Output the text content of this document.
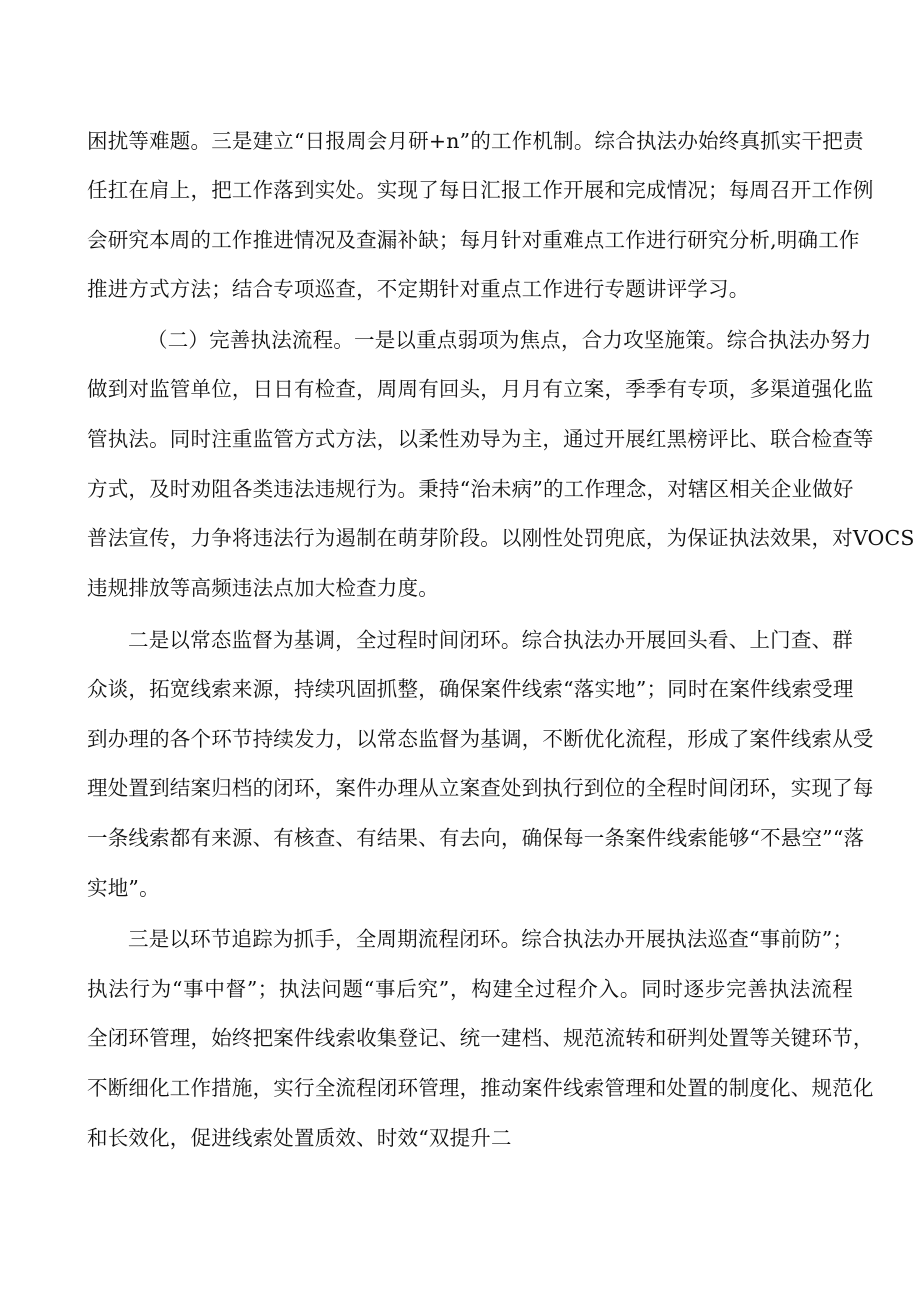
困扰等难题。三是建立“日报周会月研+n”的工作机制。综合执法办始终真抓实干把责

任扛在肩上，把工作落到实处。实现了每日汇报工作开展和完成情况；每周召开工作例

会研究本周的工作推进情况及查漏补缺；每月针对重难点工作进行研究分析,明确工作

推进方式方法；结合专项巡查，不定期针对重点工作进行专题讲评学习。

（二）完善执法流程。一是以重点弱项为焦点，合力攻坚施策。综合执法办努力

做到对监管单位，日日有检查，周周有回头，月月有立案，季季有专项，多渠道强化监

管执法。同时注重监管方式方法，以柔性劝导为主，通过开展红黑榜评比、联合检查等

方式，及时劝阻各类违法违规行为。秉持“治未病”的工作理念，对辖区相关企业做好

普法宣传，力争将违法行为遏制在萌芽阶段。以刚性处罚兜底，为保证执法效果，对VOCS

违规排放等高频违法点加大检查力度。

二是以常态监督为基调，全过程时间闭环。综合执法办开展回头看、上门查、群

众谈，拓宽线索来源，持续巩固抓整，确保案件线索“落实地”；同时在案件线索受理

到办理的各个环节持续发力，以常态监督为基调，不断优化流程，形成了案件线索从受

理处置到结案归档的闭环，案件办理从立案查处到执行到位的全程时间闭环，实现了每

一条线索都有来源、有核查、有结果、有去向，确保每一条案件线索能够“不悬空”“落

实地”。

三是以环节追踪为抓手，全周期流程闭环。综合执法办开展执法巡查“事前防”；

执法行为“事中督”；执法问题“事后究”，构建全过程介入。同时逐步完善执法流程

全闭环管理，始终把案件线索收集登记、统一建档、规范流转和研判处置等关键环节，

不断细化工作措施，实行全流程闭环管理，推动案件线索管理和处置的制度化、规范化

和长效化，促进线索处置质效、时效“双提升二
